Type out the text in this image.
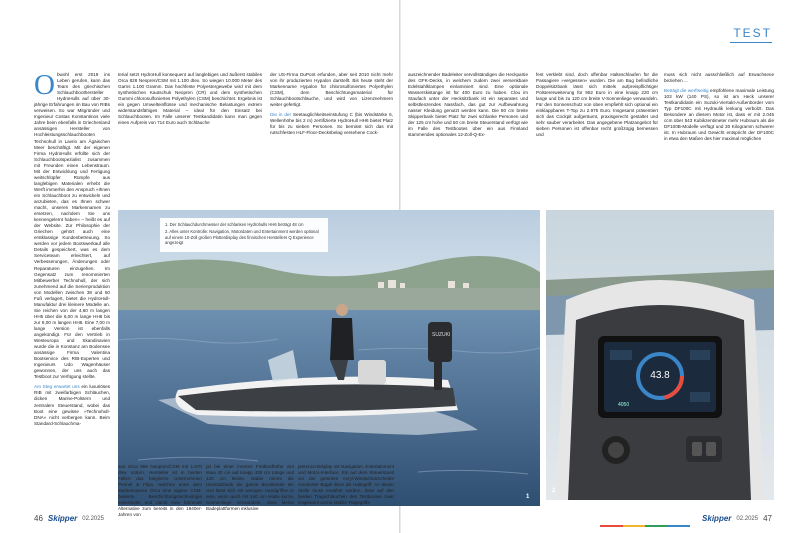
TEST
O bwohl erst 2019 ins Leben gerufen, kann das Team des griechischen Schlauchboothersteller HydroHulls auf über 30-jährige Erfahrungen im Bau von RIBs verweisen. So war Mitgründer und Ingenieur Costas Konstantinos viele Jahre beim ebenfalls in Griechenland ansässigen Hersteller von Hochleistungsschlauchbooten Technohull in Lavrio am Ägäischen Meer beschäftigt. Mit der eigenen Firma HydroHulls erfüllte sich der Schlauchbootspezialist zusammen mit Freunden einen Lebenstraum. Mit der Entwicklung und Fertigung weitschlüpfer Rümpfe aus langlebigen Materialen erhebt die Werft immerhin den Anspruch »Ihnen ein Schlauchboot zu entwickeln und anzubieten, das es Ihnen schwer macht, unseren Markennamen zu ersetzen, nachdem Sie uns kennengelernt haben« – heißt es auf der Website. Zur Philosophie der Griechen gehört auch eine erstklassige Kundenbetreuung. So werden vor jedem Bootswerkauf alle Details gespeichert, was es dem Serviceteam erleichtert, auf Verbesserungen, Änderungen oder Reparaturen einzugehen. Im Gegensatz zum renommierten Mitbewerber Technohull, der sich zunehmend auf die Serienproduktion von Modellen zwischen 38 und 50 Fuß verlagert, bietet die HydroHull-Manufaktur drei kleinere Modelle an. Sie reichen von der 4,60 m langen HH5 über die 6,00 m lange HH6 bis zur 8,00 m langen HH8. Eine 7,00 m lange Version ist ebenfalls angekündigt. Für den Vertrieb in Westeuropa und Skandinavien wurde die in Konstanz am Bodensee ansässige Firma Valentina Bootservice des RIB-Experten und Ingenieurs Udo Wagenhäuser gewonnen, der uns auch das Testboot zur Verfügung stellte.

Am Steg erwartet uns ein luxuriöses RIB mit zweifarbigen Schläuchen, dicken Marine-Polstern und zentralem Steuerstand, wobei das Boot eine gewisse »Technohull-DNA« nicht verbergen kann. Beim Standard-Schlauchma-

terial setzt HydroHull konsequent auf langlebiges und äußerst stabiles Orca 828 Neopren/CSM mit 1.100 dtex. So wiegen 10.000 Meter des Garns 1.100 Gramm. Das hochfeste Polyestergewebe wird mit dem synthetischen Kautschuk Neopren (CR) und dem synthetischen Gummi chlorosulfoniertes Polyethylen (CSM) beschichtet. Ergebnis ist ein gegen Umwelteinflüsse und mechanische Belastungen extrem widerstandsfähiges Material – ideal für den Einsatz bei Schlauchbooten. Im Falle unserer Testkandidatin kann man gegen einen Aufpreis von 714 Euro auch Schläuche

der US-Firma DuPont erfunden, aber seit 2010 nicht mehr von ihr produzierten Hypalon darstellt. Bis heute steht der Markenname Hypalon für chlorosulfoniertes Polyethylen (CSM), dem Beschichtungsmaterial für Schlauchbootschläuche, und wird von Lizenznehmern weiter gefertigt.

Die in der Seetauglichkeitseinstufung C (bis Windstärke 6, Wellenhöhe bis 2 m) zertifizierte HydroHull HH6 bietet Platz für bis zu sieben Personen. So bemisst sich das mit rutschfesten HLF-Floor-Decksbelag versehene Cock-

auszeichnender Badeleiter vervollständigen die Heckpartie des GFK-Decks, in welchem zudem zwei versenkbare Edelstahlklampen einlaminiert sind. Eine optionale Wasserskistange ist für 400 Euro zu haben. Clou im Staufach unter der Hecksitzbank ist ein separates und selbstlenzendes Nassfach, das gut zur Aufbewahrung nasser Kleidung genutzt werden kann. Die 80 cm breite Skipperbank bietet Platz für zwei schlanke Personen und der 125 cm hohe und 50 cm breite Steuerstand verfügt wie im Falle des Testbootes über ein aus Finnland stammendes optionales 12-Zoll-Q-Ex-

fest verklebt sind, doch offenbar Halteschlaufen für die Passagiere »vergessen« wurden. Die am Bug befindliche Doppelsitzbank lässt sich mittels aufpreispflichtiger Polstererweiterung für 952 Euro in eine knapp 220 cm lange und bis zu 120 cm breite V-Sonnenliege verwandeln. Für den Sonnenschutz von oben empfiehlt sich optional ein einklappbares T-Top zu 2.975 Euro. Insgesamt präsentiert sich das Cockpit aufgeräumt, praxisgerecht gestaltet und sehr sauber verarbeitet. Das angegebene Platzangebot für sieben Personen ist offenbar recht großzügig bemessen und

muss sich nicht ausschließlich auf Erwachsene beziehen ...

Beträgt die werftseitig empfohlene maximale Leistung 103 kW (140 PS), so ist am Heck unserer Testkandidatin ein Suzuki-Viertakt-Außenborder vom Typ DF100C mit Hydraulik lenkung verbolzt. Das Besondere an diesem Motor ist, dass er mit 2.045 ccm über 543 Kubikzentimeter mehr Hubraum als die DF100B-Modelle verfügt und 30 Kilogramm schwerer ist. In Hubraum und Gewicht entspricht der DF100C in etwa den Maßen des hier maximal möglichen

SUZUKI
1. Der Schlauchdurchmesser der schlanken Hydrohulls HH6 beträgt 48 cm
2. Alles unter Kontrolle: Navigation, Motordaten und Entertainment werden optional auf einem 10-Zoll großen Plotterdisplay des finnischen Herstellers Q Experience angezeigt
1
43.8
4050
2
46 Skipper 02.2025	Skipper 02.2025 47
aus Orca 866 Neopren/CSM mit 1.670 dtex ordern. Hersteller ist in beiden Fällen das belgische Unternehmen Pennel & Flipo, welches unter dem Markennamen Orca eine eigene CSM-basierte Beschichtungstechnologie entwickelte und damit eine führende Alternative zum bereits in den 1940er-Jahren von
pit bei einer inneren Freibordhöhe von etwa 40 cm auf knapp 400 cm Länge und 120 cm Breite. Dabei nimmt die Hecksitzbank die ganze Bootsbreite ein und lässt sich mit wenigen Handgriffen in eine, wenn auch mit 140 cm relativ kurze, Sonnenliege verwandeln. Zwei kleine Badeplattformen inklusive
pierence-Display mit Navigation, Entertainment und Motor-Interface. Ein auf dem Steuerstand vor der getönten Acryl-Windschutzscheibe montierter Bügel dient als Haltegriff. An dieser Stelle muss erwähnt werden, dass auf den beiden Tragschläuchen des Testbootes zwar insgesamt sechs stabile Tragegriffe
